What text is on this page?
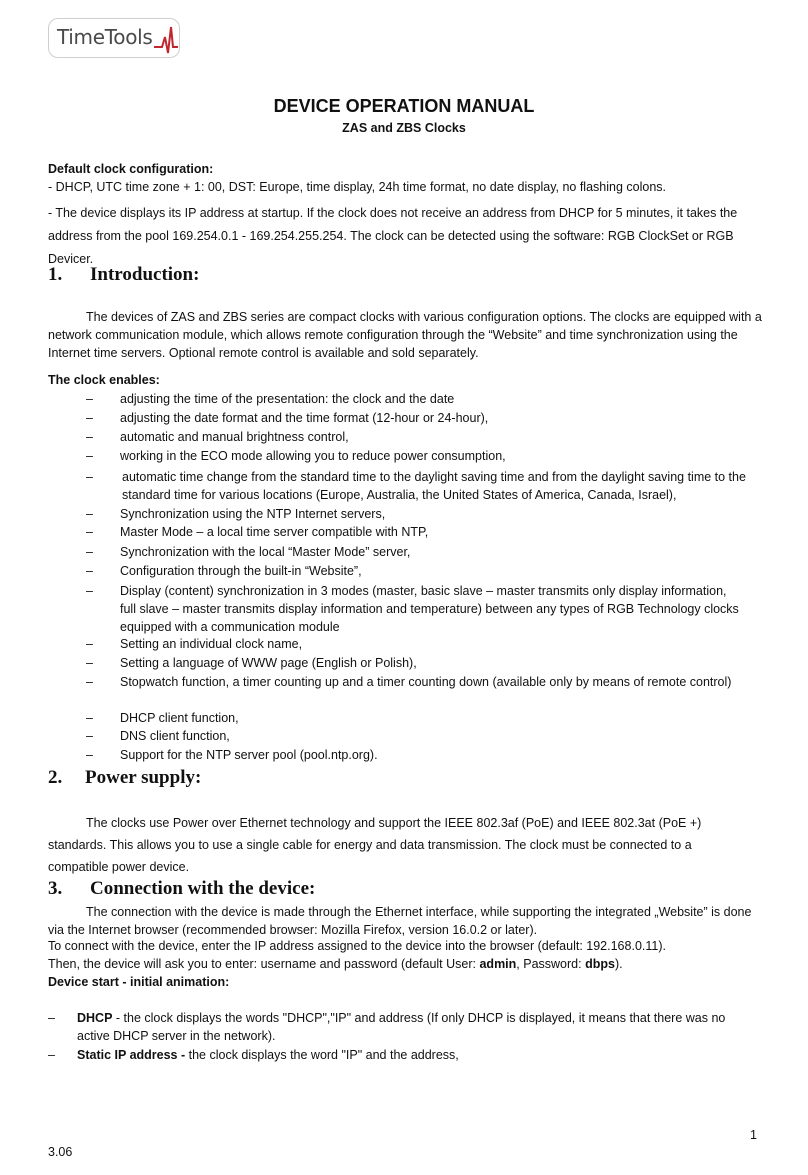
TimeTools
DEVICE OPERATION MANUAL
ZAS and ZBS Clocks
Default clock configuration:
- DHCP, UTC time zone + 1: 00, DST: Europe, time display, 24h time format, no date display, no flashing colons.
- The device displays its IP address at startup. If the clock does not receive an address from DHCP for 5 minutes, it takes the address from the pool 169.254.0.1 - 169.254.255.254. The clock can be detected using the software: RGB ClockSet or RGB Devicer.
1. Introduction:
The devices of ZAS and ZBS series are compact clocks with various configuration options. The clocks are equipped with a network communication module, which allows remote configuration through the “Website” and time synchronization using the Internet time servers. Optional remote control is available and sold separately.
The clock enables:
– adjusting the time of the presentation: the clock and the date
– adjusting the date format and the time format (12-hour or 24-hour),
– automatic and manual brightness control,
– working in the ECO mode allowing you to reduce power consumption,
– automatic time change from the standard time to the daylight saving time and from the daylight saving time to the standard time for various locations (Europe, Australia, the United States of America, Canada, Israel),
– Synchronization using the NTP Internet servers,
– Master Mode – a local time server compatible with NTP,
– Synchronization with the local “Master Mode” server,
– Configuration through the built-in “Website”,
– Display (content) synchronization in 3 modes (master, basic slave – master transmits only display information, full slave – master transmits display information and temperature) between any types of RGB Technology clocks equipped with a communication module
– Setting an individual clock name,
– Setting a language of WWW page (English or Polish),
– Stopwatch function, a timer counting up and a timer counting down (available only by means of remote control)
– DHCP client function,
– DNS client function,
– Support for the NTP server pool (pool.ntp.org).
2. Power supply:
The clocks use Power over Ethernet technology and support the IEEE 802.3af (PoE) and IEEE 802.3at (PoE +) standards. This allows you to use a single cable for energy and data transmission. The clock must be connected to a compatible power device.
3. Connection with the device:
The connection with the device is made through the Ethernet interface, while supporting the integrated „Website” is done via the Internet browser (recommended browser: Mozilla Firefox, version 16.0.2 or later).
To connect with the device, enter the IP address assigned to the device into the browser (default: 192.168.0.11).
Then, the device will ask you to enter: username and password (default User: admin, Password: dbps).
Device start - initial animation:
– DHCP - the clock displays the words "DHCP","IP" and address (If only DHCP is displayed, it means that there was no active DHCP server in the network).
– Static IP address - the clock displays the word "IP" and the address,
1
3.06
